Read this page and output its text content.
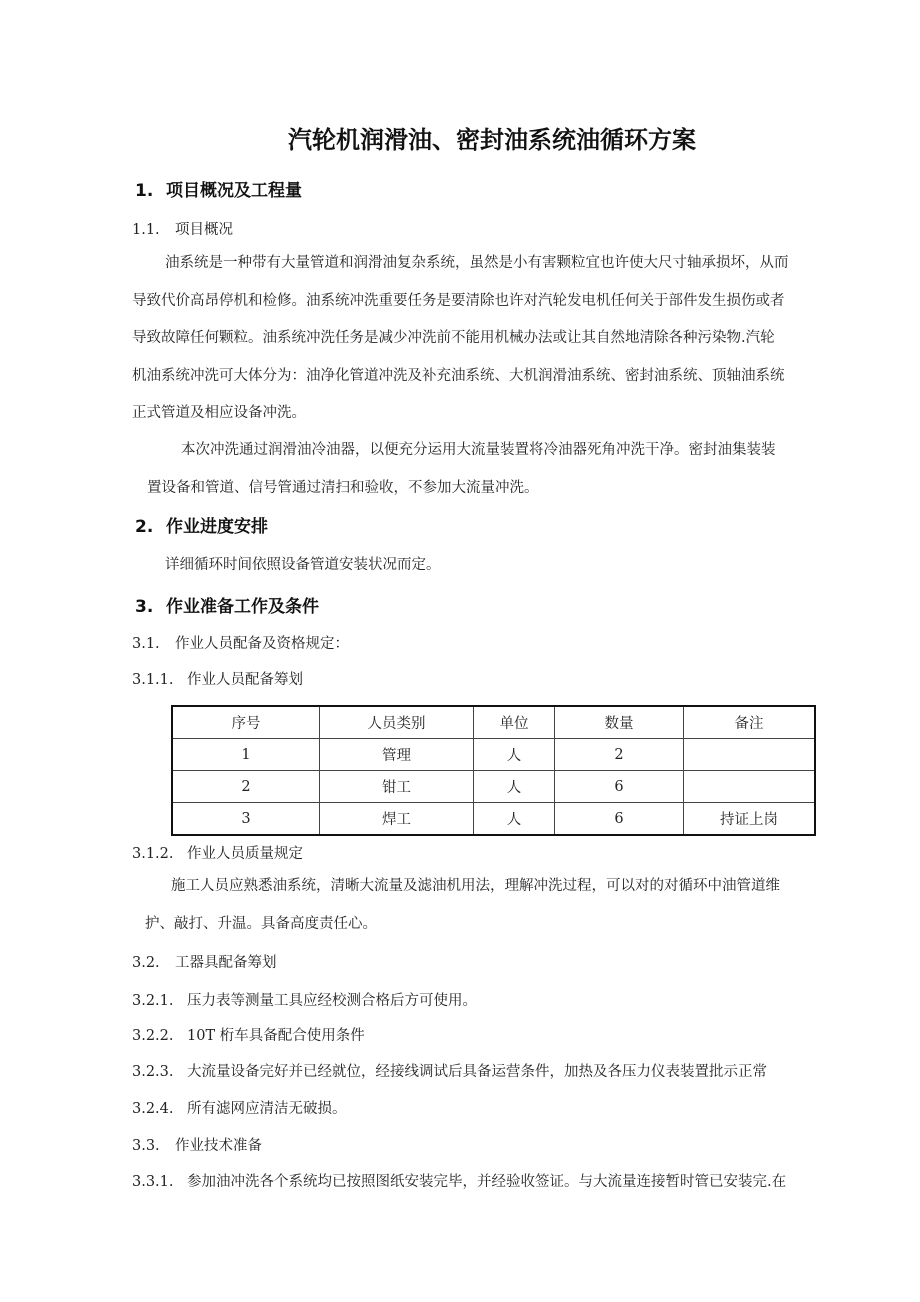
汽轮机润滑油、密封油系统油循环方案
1. 项目概况及工程量
1.1. 项目概况
油系统是一种带有大量管道和润滑油复杂系统，虽然是小有害颗粒宜也许使大尺寸轴承损坏，从而
导致代价高昂停机和检修。油系统冲洗重要任务是要清除也许对汽轮发电机任何关于部件发生损伤或者
导致故障任何颗粒。油系统冲洗任务是减少冲洗前不能用机械办法或让其自然地清除各种污染物.汽轮
机油系统冲洗可大体分为：油净化管道冲洗及补充油系统、大机润滑油系统、密封油系统、顶轴油系统
正式管道及相应设备冲洗。
本次冲洗通过润滑油冷油器，以便充分运用大流量装置将冷油器死角冲洗干净。密封油集装装
置设备和管道、信号管通过清扫和验收，不参加大流量冲洗。
2. 作业进度安排
详细循环时间依照设备管道安装状况而定。
3. 作业准备工作及条件
3.1. 作业人员配备及资格规定：
3.1.1. 作业人员配备筹划
序号	人员类别	单位	数量	备注
1	管理	人	2	
2	钳工	人	6	
3	焊工	人	6	持证上岗
3.1.2. 作业人员质量规定
施工人员应熟悉油系统，清晰大流量及滤油机用法，理解冲洗过程，可以对的对循环中油管道维
护、敲打、升温。具备高度责任心。
3.2. 工器具配备筹划
3.2.1. 压力表等测量工具应经校测合格后方可使用。
3.2.2. 10T 桁车具备配合使用条件
3.2.3. 大流量设备完好并已经就位，经接线调试后具备运营条件，加热及各压力仪表装置批示正常
3.2.4. 所有滤网应清洁无破损。
3.3. 作业技术准备
3.3.1. 参加油冲洗各个系统均已按照图纸安装完毕，并经验收签证。与大流量连接暂时管已安装完.在
